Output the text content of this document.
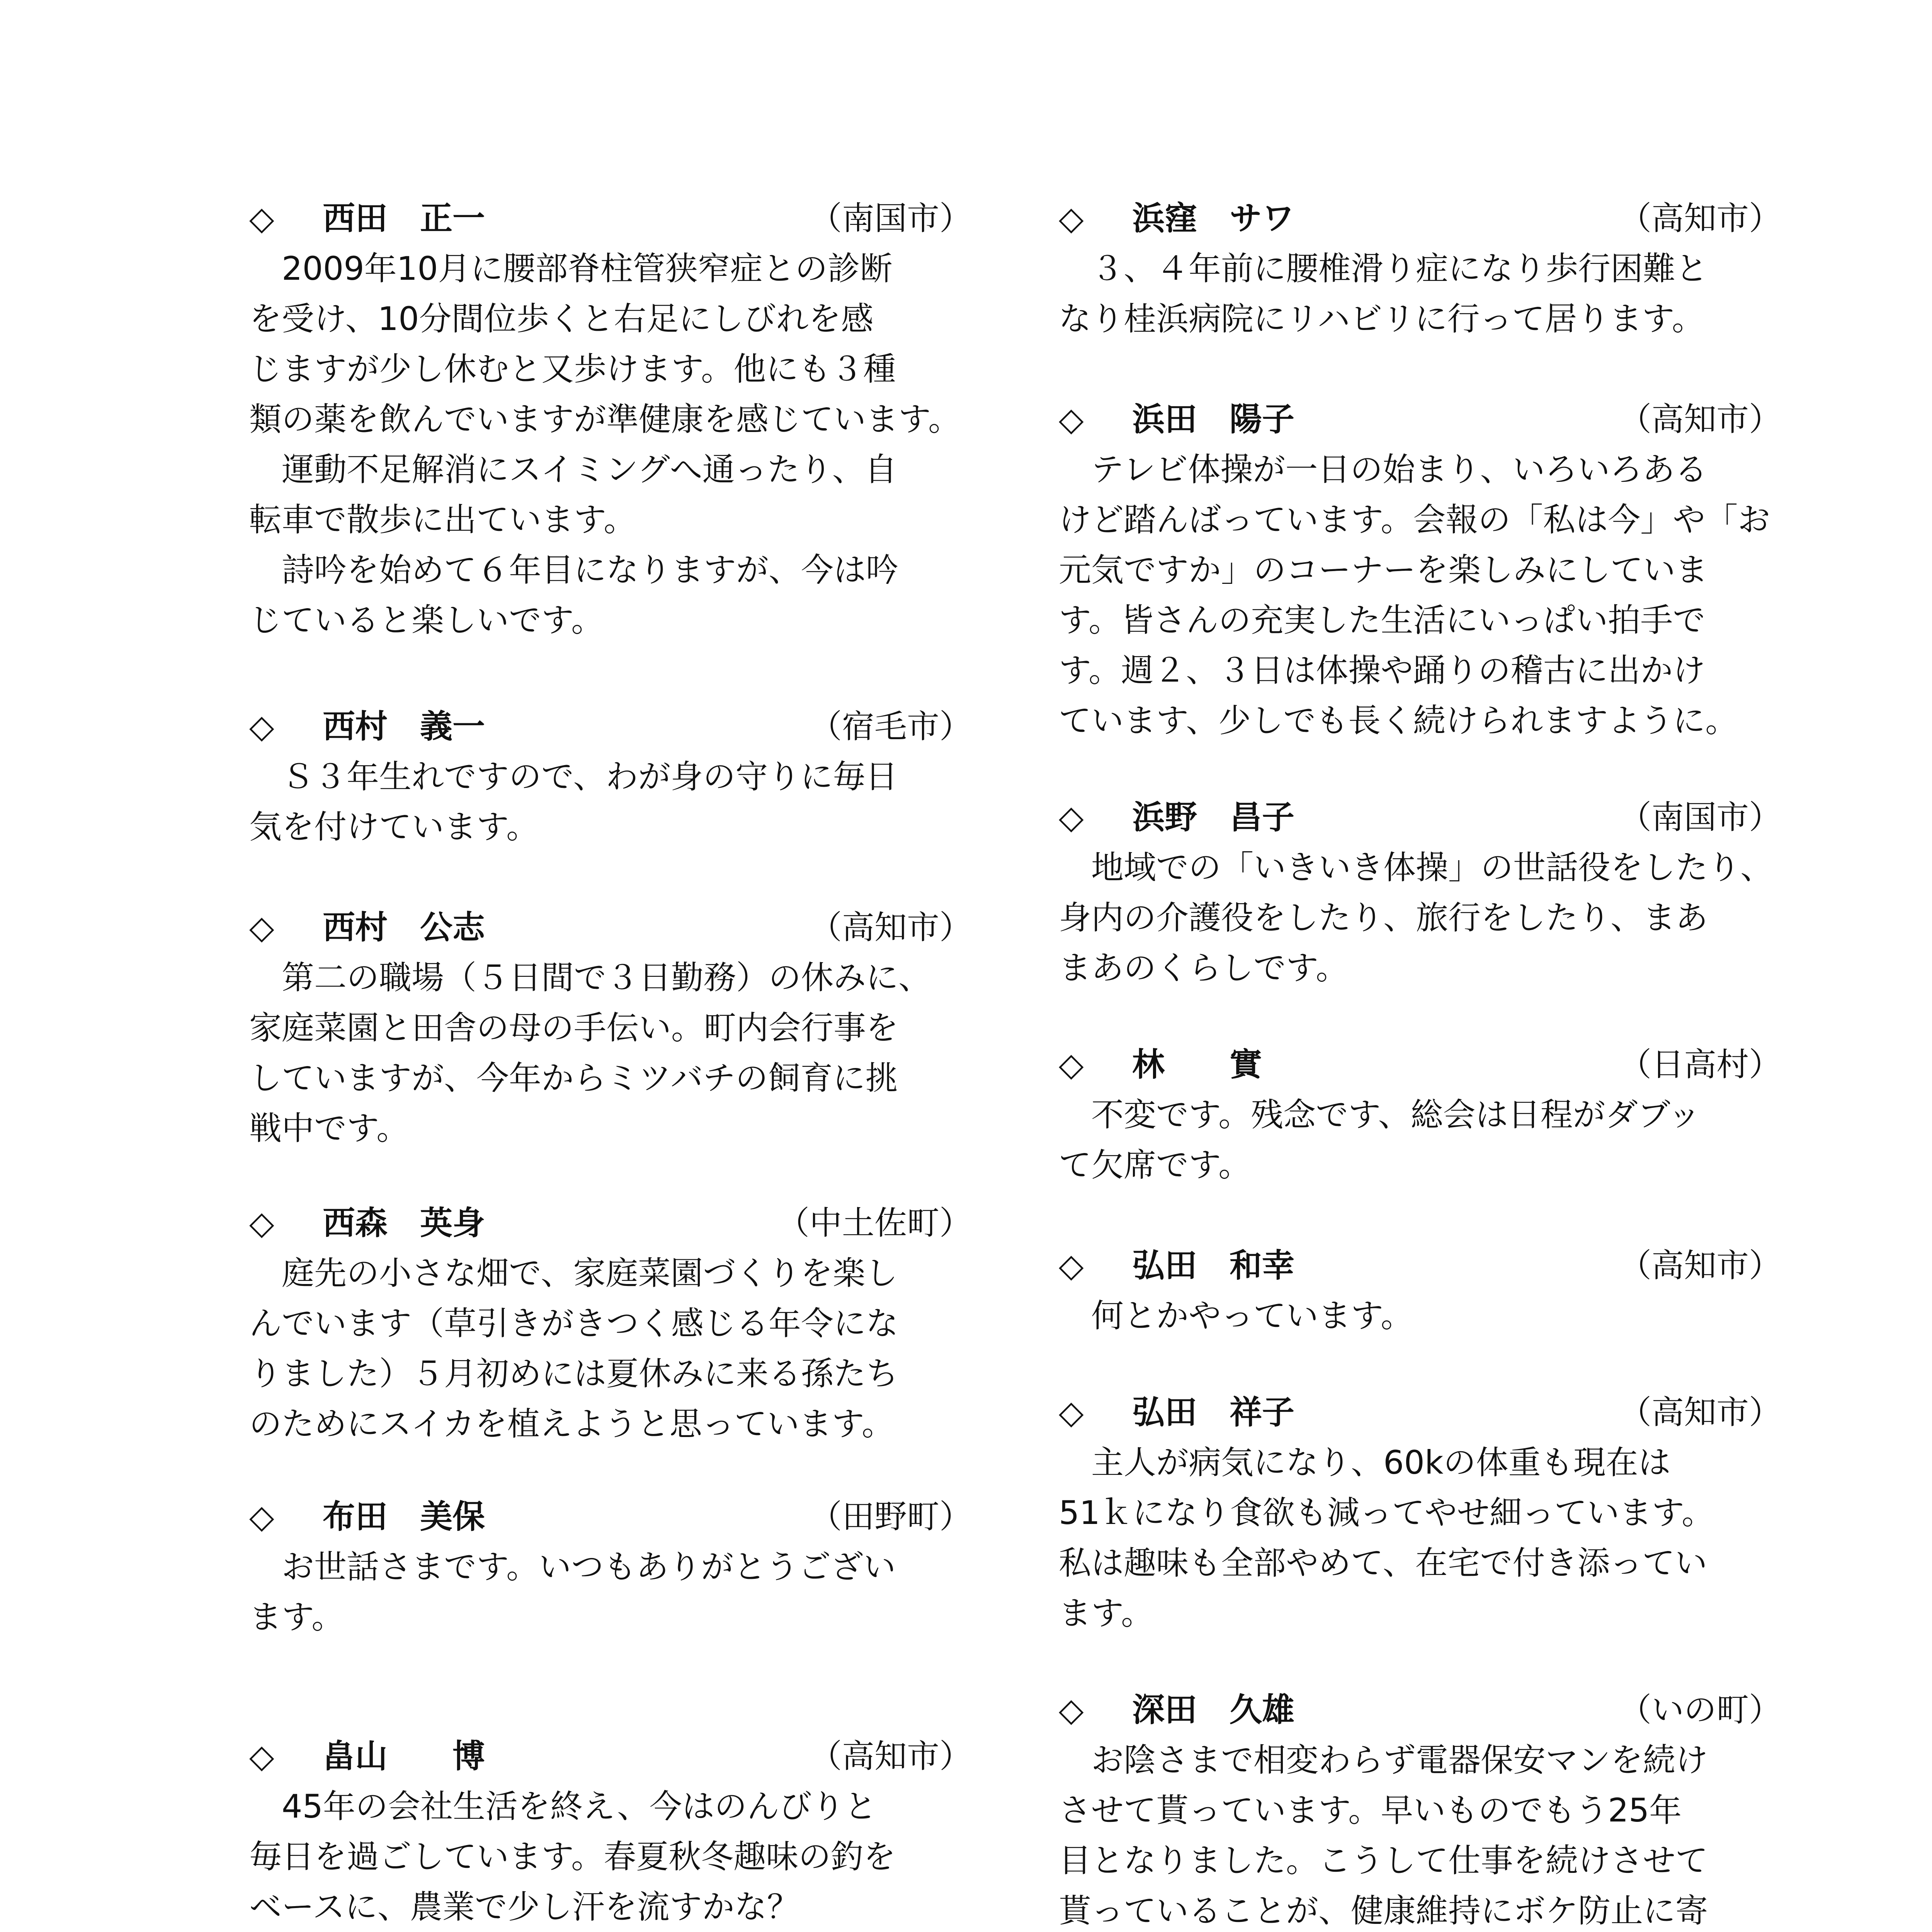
◇ 西田　正一	（南国市）
　2009年10月に腰部脊柱管狭窄症との診断
を受け、10分間位歩くと右足にしびれを感
じますが少し休むと又歩けます。他にも３種
類の薬を飲んでいますが準健康を感じています。
　運動不足解消にスイミングへ通ったり、自
転車で散歩に出ています。
　詩吟を始めて６年目になりますが、今は吟
じていると楽しいです。
◇ 西村　義一	（宿毛市）
　Ｓ３年生れですので、わが身の守りに毎日
気を付けています。
◇ 西村　公志	（高知市）
　第二の職場（５日間で３日勤務）の休みに、
家庭菜園と田舎の母の手伝い。町内会行事を
していますが、今年からミツバチの飼育に挑
戦中です。
◇ 西森　英身	（中土佐町）
　庭先の小さな畑で、家庭菜園づくりを楽し
んでいます（草引きがきつく感じる年令にな
りました）５月初めには夏休みに来る孫たち
のためにスイカを植えようと思っています。
◇ 布田　美保	（田野町）
　お世話さまです。いつもありがとうござい
ます。
◇ 畠山　　博	（高知市）
　45年の会社生活を終え、今はのんびりと
毎日を過ごしています。春夏秋冬趣味の釣を
ベースに、農業で少し汗を流すかな？
◇ 浜窪　サワ	（高知市）
　３、４年前に腰椎滑り症になり歩行困難と
なり桂浜病院にリハビリに行って居ります。
◇ 浜田　陽子	（高知市）
　テレビ体操が一日の始まり、いろいろある
けど踏んばっています。会報の「私は今」や「お
元気ですか」のコーナーを楽しみにしていま
す。皆さんの充実した生活にいっぱい拍手で
す。週２、３日は体操や踊りの稽古に出かけ
ています、少しでも長く続けられますように。
◇ 浜野　昌子	（南国市）
　地域での「いきいき体操」の世話役をしたり、
身内の介護役をしたり、旅行をしたり、まあ
まあのくらしです。
◇ 林　　實	（日高村）
　不変です。残念です、総会は日程がダブッ
て欠席です。
◇ 弘田　和幸	（高知市）
　何とかやっています。
◇ 弘田　祥子	（高知市）
　主人が病気になり、60kの体重も現在は
51ｋになり食欲も減ってやせ細っています。
私は趣味も全部やめて、在宅で付き添ってい
ます。
◇ 深田　久雄	（いの町）
　お陰さまで相変わらず電器保安マンを続け
させて貰っています。早いものでもう25年
目となりました。こうして仕事を続けさせて
貰っていることが、健康維持にボケ防止に寄
